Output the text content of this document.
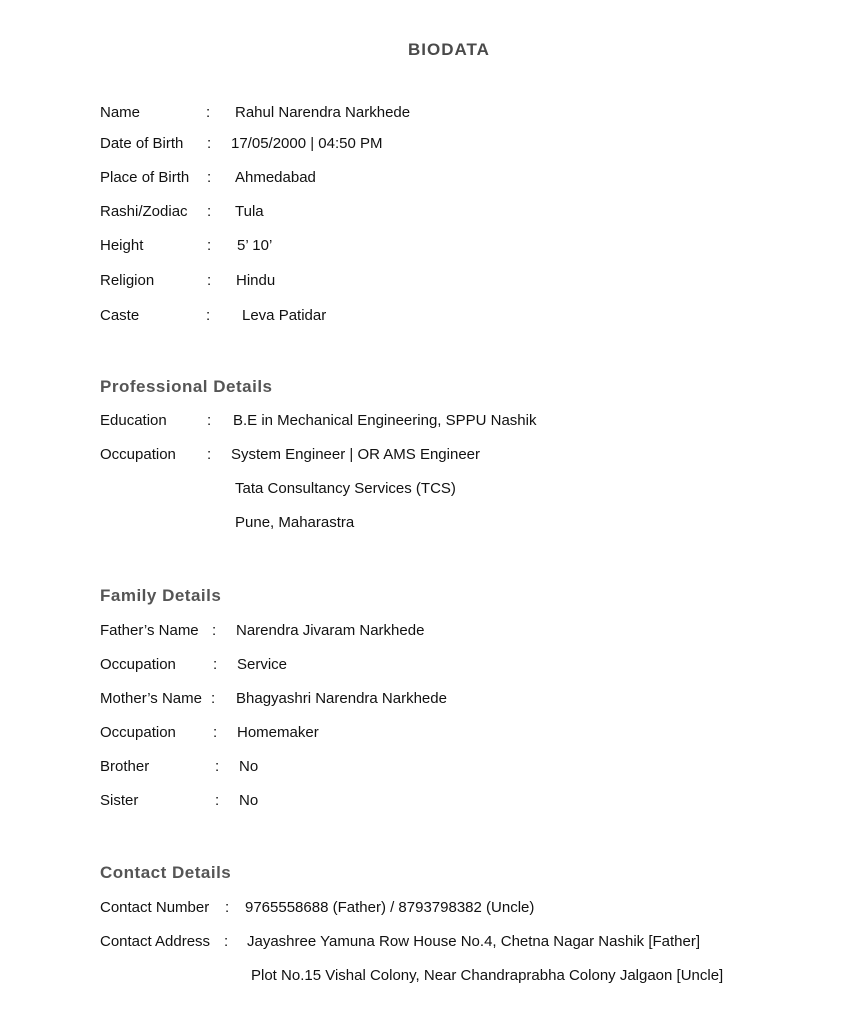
BIODATA
Name	: Rahul Narendra Narkhede
Date of Birth : 17/05/2000 | 04:50 PM
Place of Birth : Ahmedabad
Rashi/Zodiac : Tula
Height	: 5’ 10’
Religion	: Hindu
Caste	: Leva Patidar
Professional Details
Education	: B.E in Mechanical Engineering, SPPU Nashik
Occupation : System Engineer | OR AMS Engineer
Tata Consultancy Services (TCS)
Pune, Maharastra
Family Details
Father’s Name : Narendra Jivaram Narkhede
Occupation : Service
Mother’s Name : Bhagyashri Narendra Narkhede
Occupation : Homemaker
Brother	: No
Sister	: No
Contact Details
Contact Number : 9765558688 (Father) / 8793798382 (Uncle)
Contact Address : Jayashree Yamuna Row House No.4, Chetna Nagar Nashik [Father]
Plot No.15 Vishal Colony, Near Chandraprabha Colony Jalgaon [Uncle]
